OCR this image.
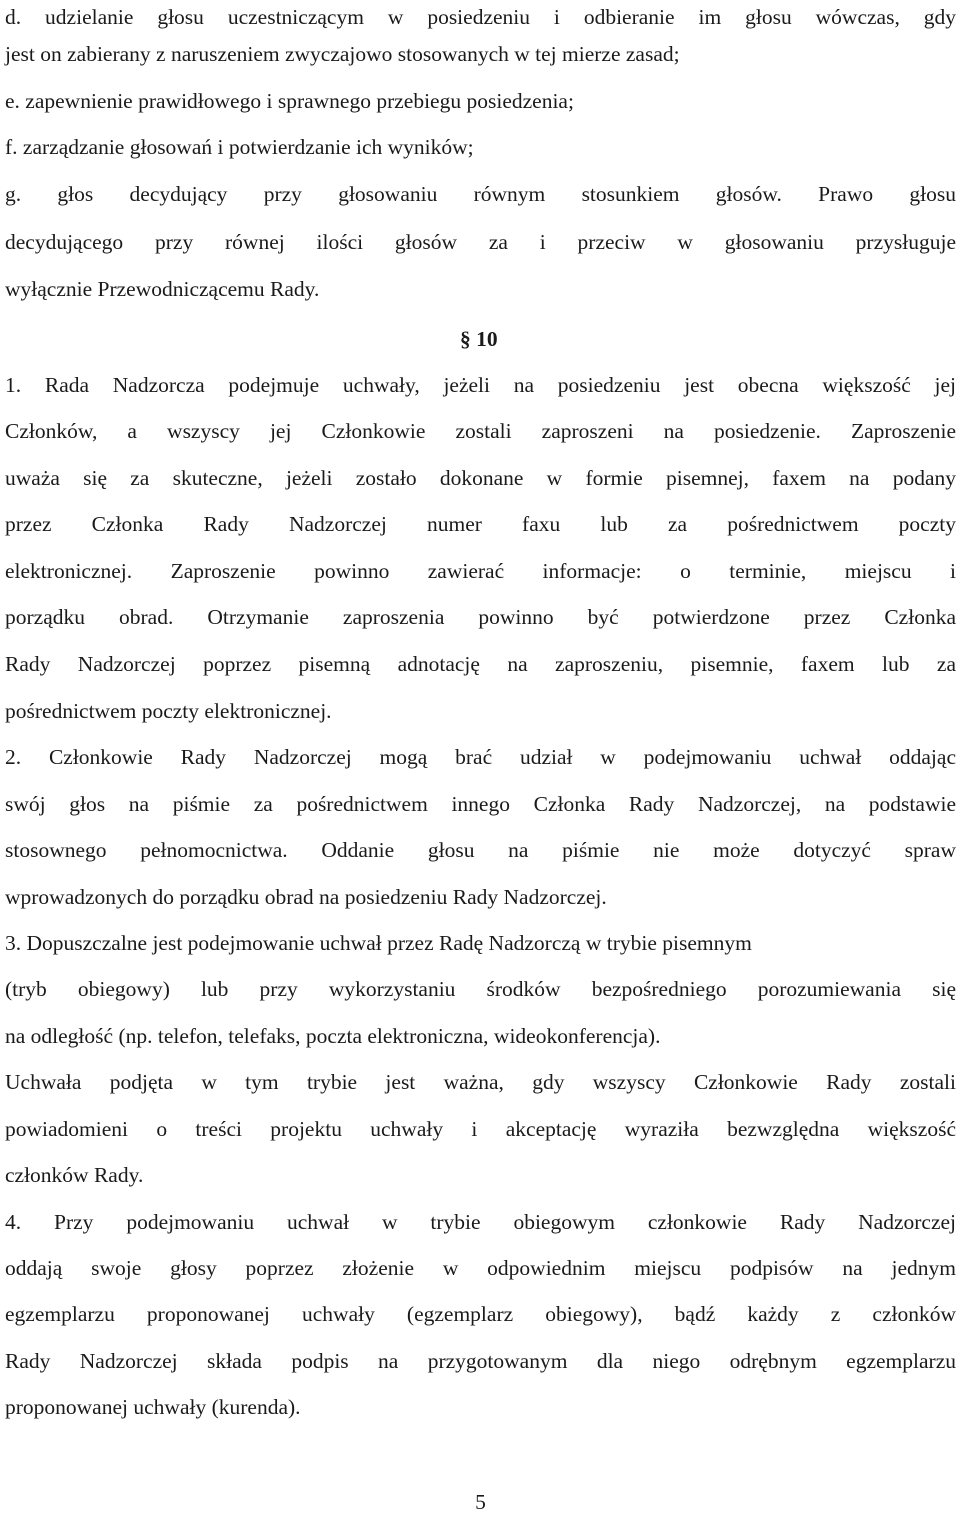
d. udzielanie głosu uczestniczącym w posiedzeniu i odbieranie im głosu wówczas, gdy
jest on zabierany z naruszeniem zwyczajowo stosowanych w tej mierze zasad;
e. zapewnienie prawidłowego i sprawnego przebiegu posiedzenia;
f. zarządzanie głosowań i potwierdzanie ich wyników;
g. głos decydujący przy głosowaniu równym stosunkiem głosów. Prawo głosu
decydującego przy równej ilości głosów za i przeciw w głosowaniu przysługuje
wyłącznie Przewodniczącemu Rady.
§ 10
1. Rada Nadzorcza podejmuje uchwały, jeżeli na posiedzeniu jest obecna większość jej
Członków, a wszyscy jej Członkowie zostali zaproszeni na posiedzenie. Zaproszenie
uważa się za skuteczne, jeżeli zostało dokonane w formie pisemnej, faxem na podany
przez Członka Rady Nadzorczej numer faxu lub za pośrednictwem poczty
elektronicznej. Zaproszenie powinno zawierać informacje: o terminie, miejscu i
porządku obrad. Otrzymanie zaproszenia powinno być potwierdzone przez Członka
Rady Nadzorczej poprzez pisemną adnotację na zaproszeniu, pisemnie, faxem lub za
pośrednictwem poczty elektronicznej.
2. Członkowie Rady Nadzorczej mogą brać udział w podejmowaniu uchwał oddając
swój głos na piśmie za pośrednictwem innego Członka Rady Nadzorczej, na podstawie
stosownego pełnomocnictwa. Oddanie głosu na piśmie nie może dotyczyć spraw
wprowadzonych do porządku obrad na posiedzeniu Rady Nadzorczej.
3. Dopuszczalne jest podejmowanie uchwał przez Radę Nadzorczą w trybie pisemnym
(tryb obiegowy) lub przy wykorzystaniu środków bezpośredniego porozumiewania się
na odległość (np. telefon, telefaks, poczta elektroniczna, wideokonferencja).
Uchwała podjęta w tym trybie jest ważna, gdy wszyscy Członkowie Rady zostali
powiadomieni o treści projektu uchwały i akceptację wyraziła bezwzględna większość
członków Rady.
4. Przy podejmowaniu uchwał w trybie obiegowym członkowie Rady Nadzorczej
oddają swoje głosy poprzez złożenie w odpowiednim miejscu podpisów na jednym
egzemplarzu proponowanej uchwały (egzemplarz obiegowy), bądź każdy z członków
Rady Nadzorczej składa podpis na przygotowanym dla niego odrębnym egzemplarzu
proponowanej uchwały (kurenda).
5
